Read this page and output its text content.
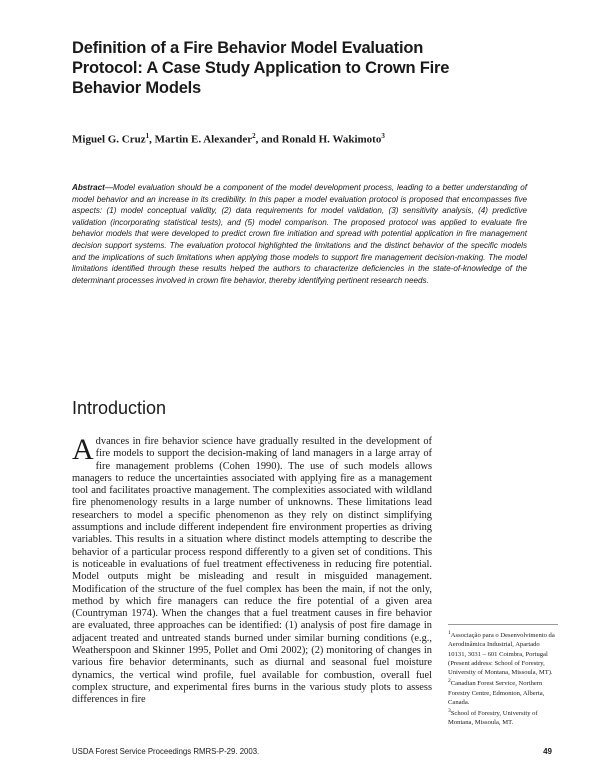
Definition of a Fire Behavior Model Evaluation Protocol: A Case Study Application to Crown Fire Behavior Models
Miguel G. Cruz$^1$, Martin E. Alexander$^2$, and Ronald H. Wakimoto$^3$
Abstract—Model evaluation should be a component of the model development process, leading to a better understanding of model behavior and an increase in its credibility. In this paper a model evaluation protocol is proposed that encompasses five aspects: (1) model conceptual validity, (2) data requirements for model validation, (3) sensitivity analysis, (4) predictive validation (incorporating statistical tests), and (5) model comparison. The proposed protocol was applied to evaluate fire behavior models that were developed to predict crown fire initiation and spread with potential application in fire management decision support systems. The evaluation protocol highlighted the limitations and the distinct behavior of the specific models and the implications of such limitations when applying those models to support fire management decision-making. The model limitations identified through these results helped the authors to characterize deficiencies in the state-of-knowledge of the determinant processes involved in crown fire behavior, thereby identifying pertinent research needs.
Introduction
Advances in fire behavior science have gradually resulted in the development of fire models to support the decision-making of land managers in a large array of fire management problems (Cohen 1990). The use of such models allows managers to reduce the uncertainties associated with applying fire as a management tool and facilitates proactive management. The complexities associated with wildland fire phenomenology results in a large number of unknowns. These limitations lead researchers to model a specific phenomenon as they rely on distinct simplifying assumptions and include different independent fire environment properties as driving variables. This results in a situation where distinct models attempting to describe the behavior of a particular process respond differently to a given set of conditions. This is noticeable in evaluations of fuel treatment effectiveness in reducing fire potential. Model outputs might be misleading and result in misguided management. Modification of the structure of the fuel complex has been the main, if not the only, method by which fire managers can reduce the fire potential of a given area (Countryman 1974). When the changes that a fuel treatment causes in fire behavior are evaluated, three approaches can be identified: (1) analysis of post fire damage in adjacent treated and untreated stands burned under similar burning conditions (e.g., Weatherspoon and Skinner 1995, Pollet and Omi 2002); (2) monitoring of changes in various fire behavior determinants, such as diurnal and seasonal fuel moisture dynamics, the vertical wind profile, fuel available for combustion, overall fuel complex structure, and experimental fires burns in the various study plots to assess differences in fire

$^1$Associação para o Desenvolvimento da Aerodinâmica Industrial, Apartado 10131, 3031 – 601 Coimbra, Portugal (Present address: School of Forestry, University of Montana, Missoula, MT).

$^2$Canadian Forest Service, Northern Forestry Centre, Edmonton, Alberta, Canada.

$^3$School of Forestry, University of Montana, Missoula, MT.

USDA Forest Service Proceedings RMRS-P-29. 2003.	49
